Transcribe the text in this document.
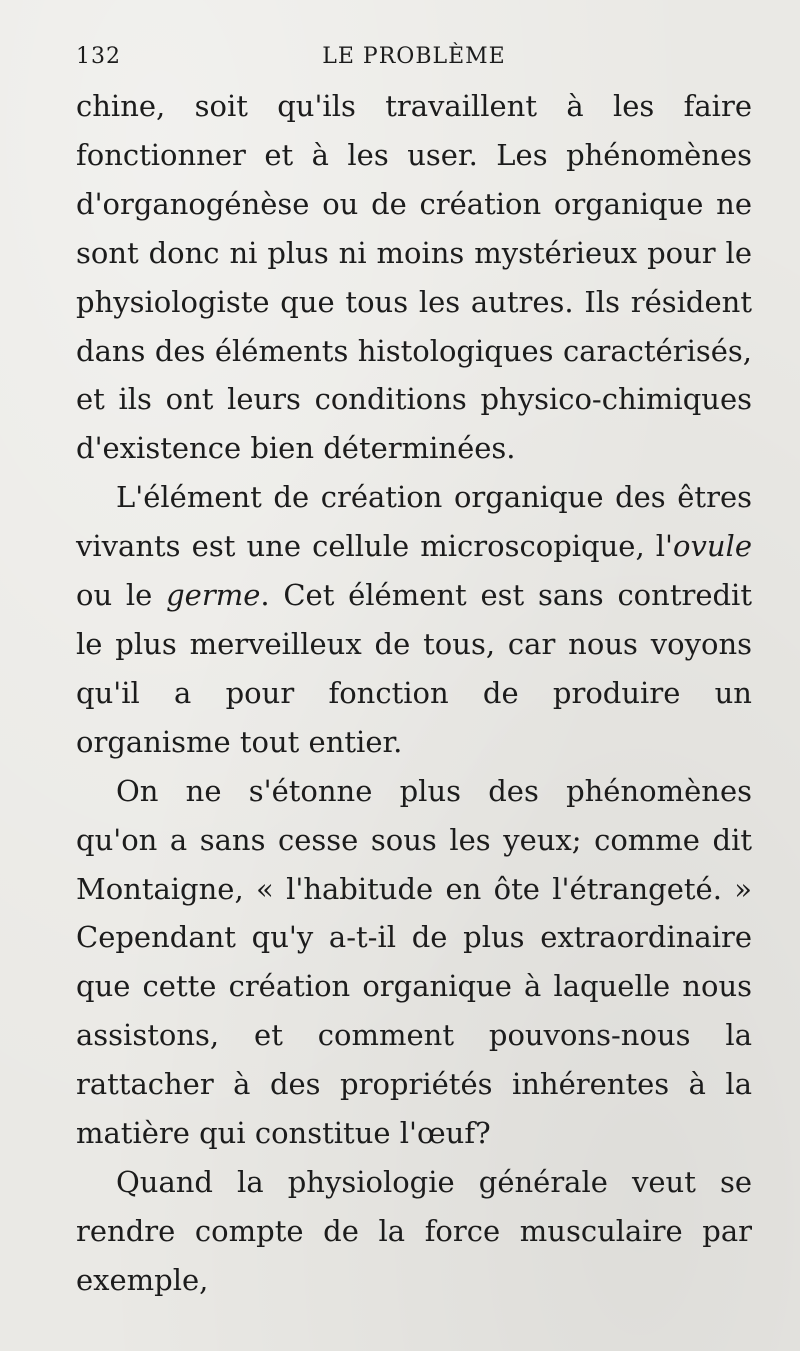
132	LE PROBLÈME

chine, soit qu'ils travaillent à les faire fonctionner et à les user. Les phénomènes d'organogénèse ou de création organique ne sont donc ni plus ni moins mystérieux pour le physiologiste que tous les autres. Ils résident dans des éléments histologiques caractérisés, et ils ont leurs conditions physico-chimiques d'existence bien déterminées.

L'élément de création organique des êtres vivants est une cellule microscopique, l'ovule ou le germe. Cet élément est sans contredit le plus merveilleux de tous, car nous voyons qu'il a pour fonction de produire un organisme tout entier.

On ne s'étonne plus des phénomènes qu'on a sans cesse sous les yeux; comme dit Montaigne, « l'habitude en ôte l'étrangeté. » Cependant qu'y a-t-il de plus extraordinaire que cette création organique à laquelle nous assistons, et comment pouvons-nous la rattacher à des propriétés inhérentes à la matière qui constitue l'œuf?

Quand la physiologie générale veut se rendre compte de la force musculaire par exemple,
